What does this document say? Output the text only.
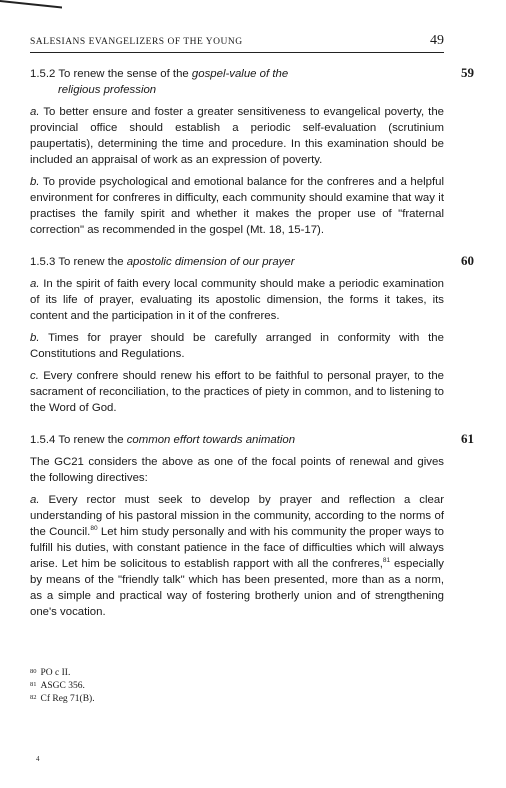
SALESIANS EVANGELIZERS OF THE YOUNG	49
1.5.2 To renew the sense of the gospel-value of the
religious profession
59

a. To better ensure and foster a greater sensitiveness to evangelical poverty, the provincial office should establish a periodic self-evaluation (scrutinium paupertatis), determining the time and procedure. In this examination should be included an appraisal of work as an expression of poverty.

b. To provide psychological and emotional balance for the confreres and a helpful environment for confreres in difficulty, each community should examine that way it practises the family spirit and whether it makes the proper use of "fraternal correction" as recommended in the gospel (Mt. 18, 15-17).

1.5.3 To renew the apostolic dimension of our prayer	60

a. In the spirit of faith every local community should make a periodic examination of its life of prayer, evaluating its apostolic dimension, the forms it takes, its content and the participation in it of the confreres.

b. Times for prayer should be carefully arranged in conformity with the Constitutions and Regulations.

c. Every confrere should renew his effort to be faithful to personal prayer, to the sacrament of reconciliation, to the practices of piety in common, and to listening to the Word of God.

1.5.4 To renew the common effort towards animation	61

The GC21 considers the above as one of the focal points of renewal and gives the following directives:

a. Every rector must seek to develop by prayer and reflection a clear understanding of his pastoral mission in the community, according to the norms of the Council.$^{80}$ Let him study personally and with his community the proper ways to fulfill his duties, with constant patience in the face of difficulties which will always arise. Let him be solicitous to establish rapport with all the confreres,$^{81}$ especially by means of the "friendly talk" which has been presented, more than as a norm, as a simple and practical way of fostering brotherly union and of strengthening one's vocation.

$^{80}$ PO c II.
$^{81}$ ASGC 356.
$^{82}$ Cf Reg 71(B).
4
